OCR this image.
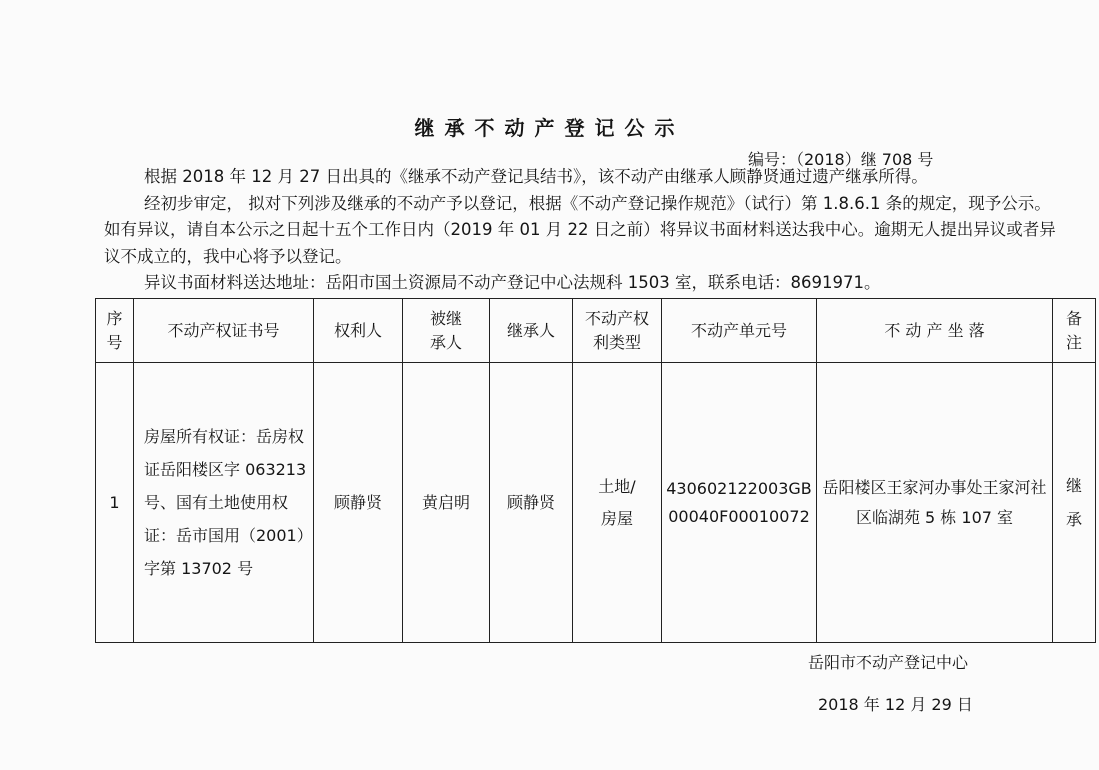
继承不动产登记公示
编号：（2018）继 708 号

根据 2018 年 12 月 27 日出具的《继承不动产登记具结书》，该不动产由继承人顾静贤通过遗产继承所得。

经初步审定， 拟对下列涉及继承的不动产予以登记，根据《不动产登记操作规范》（试行）第 1.8.6.1 条的规定，现予公示。如有异议，请自本公示之日起十五个工作日内（2019 年 01 月 22 日之前）将异议书面材料送达我中心。逾期无人提出异议或者异议不成立的，我中心将予以登记。

异议书面材料送达地址：岳阳市国土资源局不动产登记中心法规科 1503 室，联系电话：8691971。

序号	不动产权证书号	权利人	被继承人	继承人	不动产权利类型	不动产单元号	不 动 产 坐 落	备注
1	房屋所有权证：岳房权证岳阳楼区字 063213 号、国有土地使用权证：岳市国用（2001）字第 13702 号	顾静贤	黄启明	顾静贤	土地/房屋	430602122003GB00040F00010072	岳阳楼区王家河办事处王家河社区临湖苑 5 栋 107 室	继承
岳阳市不动产登记中心
2018 年 12 月 29 日
